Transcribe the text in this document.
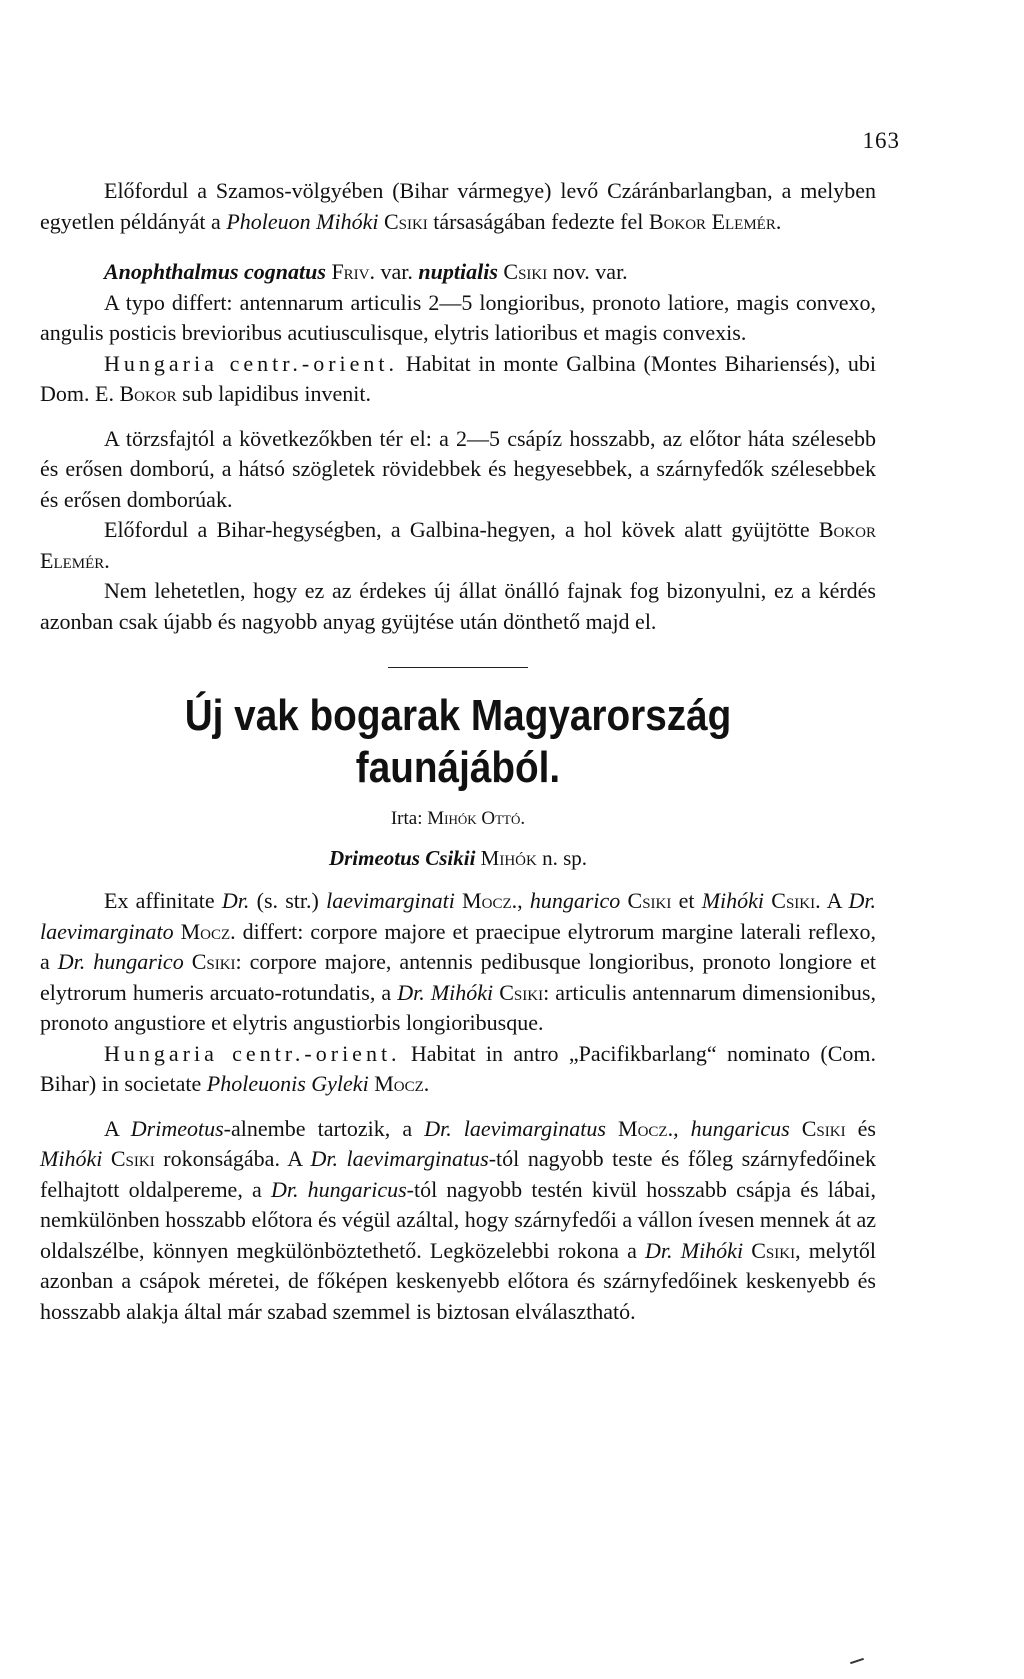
163

Előfordul a Szamos-völgyében (Bihar vármegye) levő Czáránbarlangban, a melyben egyetlen példányát a Pholeuon Mihóki Csiki társaságában fedezte fel Bokor Elemér.

Anophthalmus cognatus Friv. var. nuptialis Csiki nov. var.

A typo differt: antennarum articulis 2—5 longioribus, pronoto latiore, magis convexo, angulis posticis brevioribus acutiusculisque, elytris latioribus et magis convexis.

Hungaria centr.-orient. Habitat in monte Galbina (Montes Bihariensés), ubi Dom. E. Bokor sub lapidibus invenit.

A törzsfajtól a következőkben tér el: a 2—5 csápíz hosszabb, az előtor háta szélesebb és erősen domború, a hátsó szögletek rövidebbek és hegyesebbek, a szárnyfedők szélesebbek és erősen domborúak.

Előfordul a Bihar-hegységben, a Galbina-hegyen, a hol kövek alatt gyüjtötte Bokor Elemér.

Nem lehetetlen, hogy ez az érdekes új állat önálló fajnak fog bizonyulni, ez a kérdés azonban csak újabb és nagyobb anyag gyüjtése után dönthető majd el.

Új vak bogarak Magyarország faunájából.
Irta: Mihók Ottó.
Drimeotus Csikii Mihók n. sp.

Ex affinitate Dr. (s. str.) laevimarginati Mocz., hungarico Csiki et Mihóki Csiki. A Dr. laevimarginato Mocz. differt: corpore majore et praecipue elytrorum margine laterali reflexo, a Dr. hungarico Csiki: corpore majore, antennis pedibusque longioribus, pronoto longiore et elytrorum humeris arcuato-rotundatis, a Dr. Mihóki Csiki: articulis antennarum dimensionibus, pronoto angustiore et elytris angustiorbis longioribusque.

Hungaria centr.-orient. Habitat in antro „Pacifikbarlang“ nominato (Com. Bihar) in societate Pholeuonis Gyleki Mocz.

A Drimeotus-alnembe tartozik, a Dr. laevimarginatus Mocz., hungaricus Csiki és Mihóki Csiki rokonságába. A Dr. laevimarginatus-tól nagyobb teste és főleg szárnyfedőinek felhajtott oldalpereme, a Dr. hungaricus-tól nagyobb testén kivül hosszabb csápja és lábai, nemkülönben hosszabb előtora és végül azáltal, hogy szárnyfedői a vállon ívesen mennek át az oldalszélbe, könnyen megkülönböztethető. Legközelebbi rokona a Dr. Mihóki Csiki, melytől azonban a csápok méretei, de főképen keskenyebb előtora és szárnyfedőinek keskenyebb és hosszabb alakja által már szabad szemmel is biztosan elválasztható.
